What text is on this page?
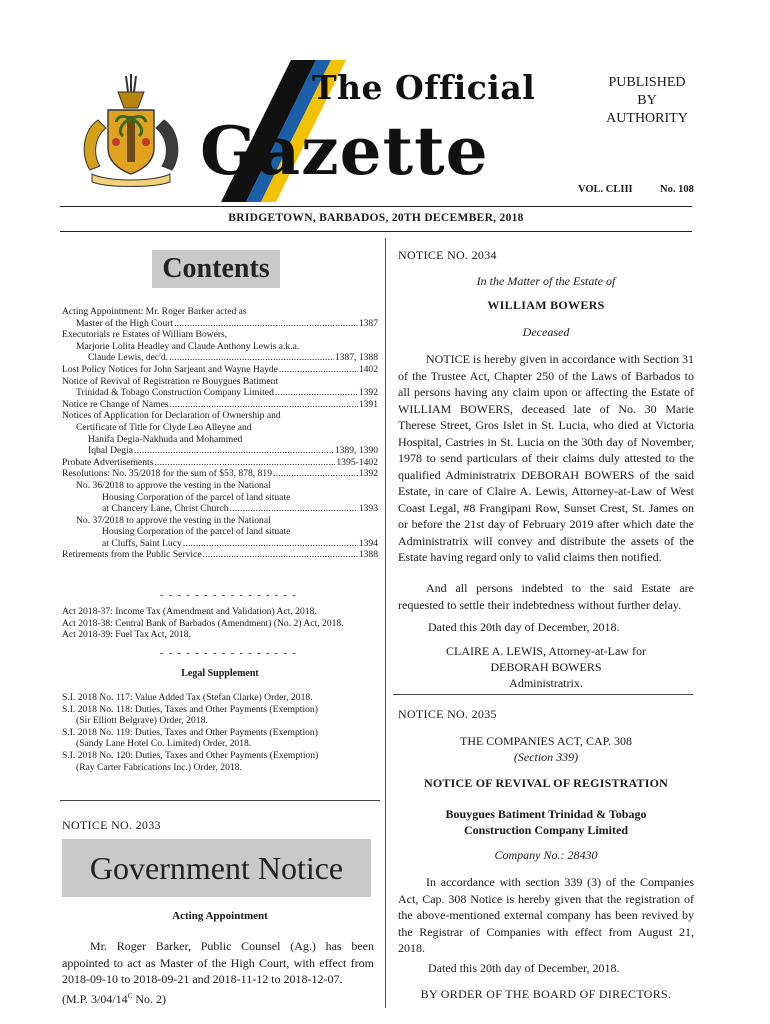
The Official
Gazette
PUBLISHED
BY
AUTHORITY
VOL. CLIII	No. 108
BRIDGETOWN, BARBADOS, 20TH DECEMBER, 2018
Contents
Acting Appointment: Mr. Roger Barker acted as
Master of the High Court .....	1387
Executorials re Estates of William Bowers,
Marjorie Lolita Headley and Claude Anthony Lewis a.k.a.
Claude Lewis, dec'd. .....	1387, 1388
Lost Policy Notices for John Sarjeant and Wayne Hayde .....	1402
Notice of Revival of Registration re Bouygues Batiment
Trinidad & Tobago Construction Company Limited .....	1392
Notice re Change of Names .....	1391
Notices of Application for Declaration of Ownership and
Certificate of Title for Clyde Leo Alleyne and
Hanifa Degia-Nakhuda and Mohammed
Iqbal Degia .....	1389, 1390
Probate Advertisements .....	1395-1402
Resolutions: No. 35/2018 for the sum of $53, 878, 819 .....	1392
No. 36/2018 to approve the vesting in the National
Housing Corporation of the parcel of land situate
at Chancery Lane, Christ Church .....	1393
No. 37/2018 to approve the vesting in the National
Housing Corporation of the parcel of land situate
at Cluffs, Saint Lucy .....	1394
Retirements from the Public Service .....	1388
- - - - - - - - - - - - - - - -
Act 2018-37: Income Tax (Amendment and Validation) Act, 2018.
Act 2018-38: Central Bank of Barbados (Amendment) (No. 2) Act, 2018.
Act 2018-39: Fuel Tax Act, 2018.
- - - - - - - - - - - - - - - -
Legal Supplement
S.I. 2018 No. 117: Value Added Tax (Stefan Clarke) Order, 2018.
S.I. 2018 No. 118: Duties, Taxes and Other Payments (Exemption)
(Sir Elliott Belgrave) Order, 2018.
S.I. 2018 No. 119: Duties, Taxes and Other Payments (Exemption)
(Sandy Lane Hotel Co. Limited) Order, 2018.
S.I. 2018 No. 120: Duties, Taxes and Other Payments (Exemption)
(Ray Carter Fabrications Inc.) Order, 2018.
NOTICE NO. 2033
Government Notice
Acting Appointment
Mr. Roger Barker, Public Counsel (Ag.) has been appointed to act as Master of the High Court, with effect from 2018-09-10 to 2018-09-21 and 2018-11-12 to 2018-12-07.
(M.P. $3/04/14^C$ No. 2)
NOTICE NO. 2034
In the Matter of the Estate of
WILLIAM BOWERS
Deceased

NOTICE is hereby given in accordance with Section 31 of the Trustee Act, Chapter 250 of the Laws of Barbados to all persons having any claim upon or affecting the Estate of WILLIAM BOWERS, deceased late of No. 30 Marie Therese Street, Gros Islet in St. Lucia, who died at Victoria Hospital, Castries in St. Lucia on the 30th day of November, 1978 to send particulars of their claims duly attested to the qualified Administratrix DEBORAH BOWERS of the said Estate, in care of Claire A. Lewis, Attorney-at-Law of West Coast Legal, #8 Frangipani Row, Sunset Crest, St. James on or before the 21st day of February 2019 after which date the Administratrix will convey and distribute the assets of the Estate having regard only to valid claims then notified.

And all persons indebted to the said Estate are requested to settle their indebtedness without further delay.

Dated this 20th day of December, 2018.
CLAIRE A. LEWIS, Attorney-at-Law for
DEBORAH BOWERS
Administratrix.
NOTICE NO. 2035
THE COMPANIES ACT, CAP. 308
(Section 339)
NOTICE OF REVIVAL OF REGISTRATION
Bouygues Batiment Trinidad & Tobago
Construction Company Limited
Company No.: 28430

In accordance with section 339 (3) of the Companies Act, Cap. 308 Notice is hereby given that the registration of the above-mentioned external company has been revived by the Registrar of Companies with effect from August 21, 2018.

Dated this 20th day of December, 2018.
BY ORDER OF THE BOARD OF DIRECTORS.
